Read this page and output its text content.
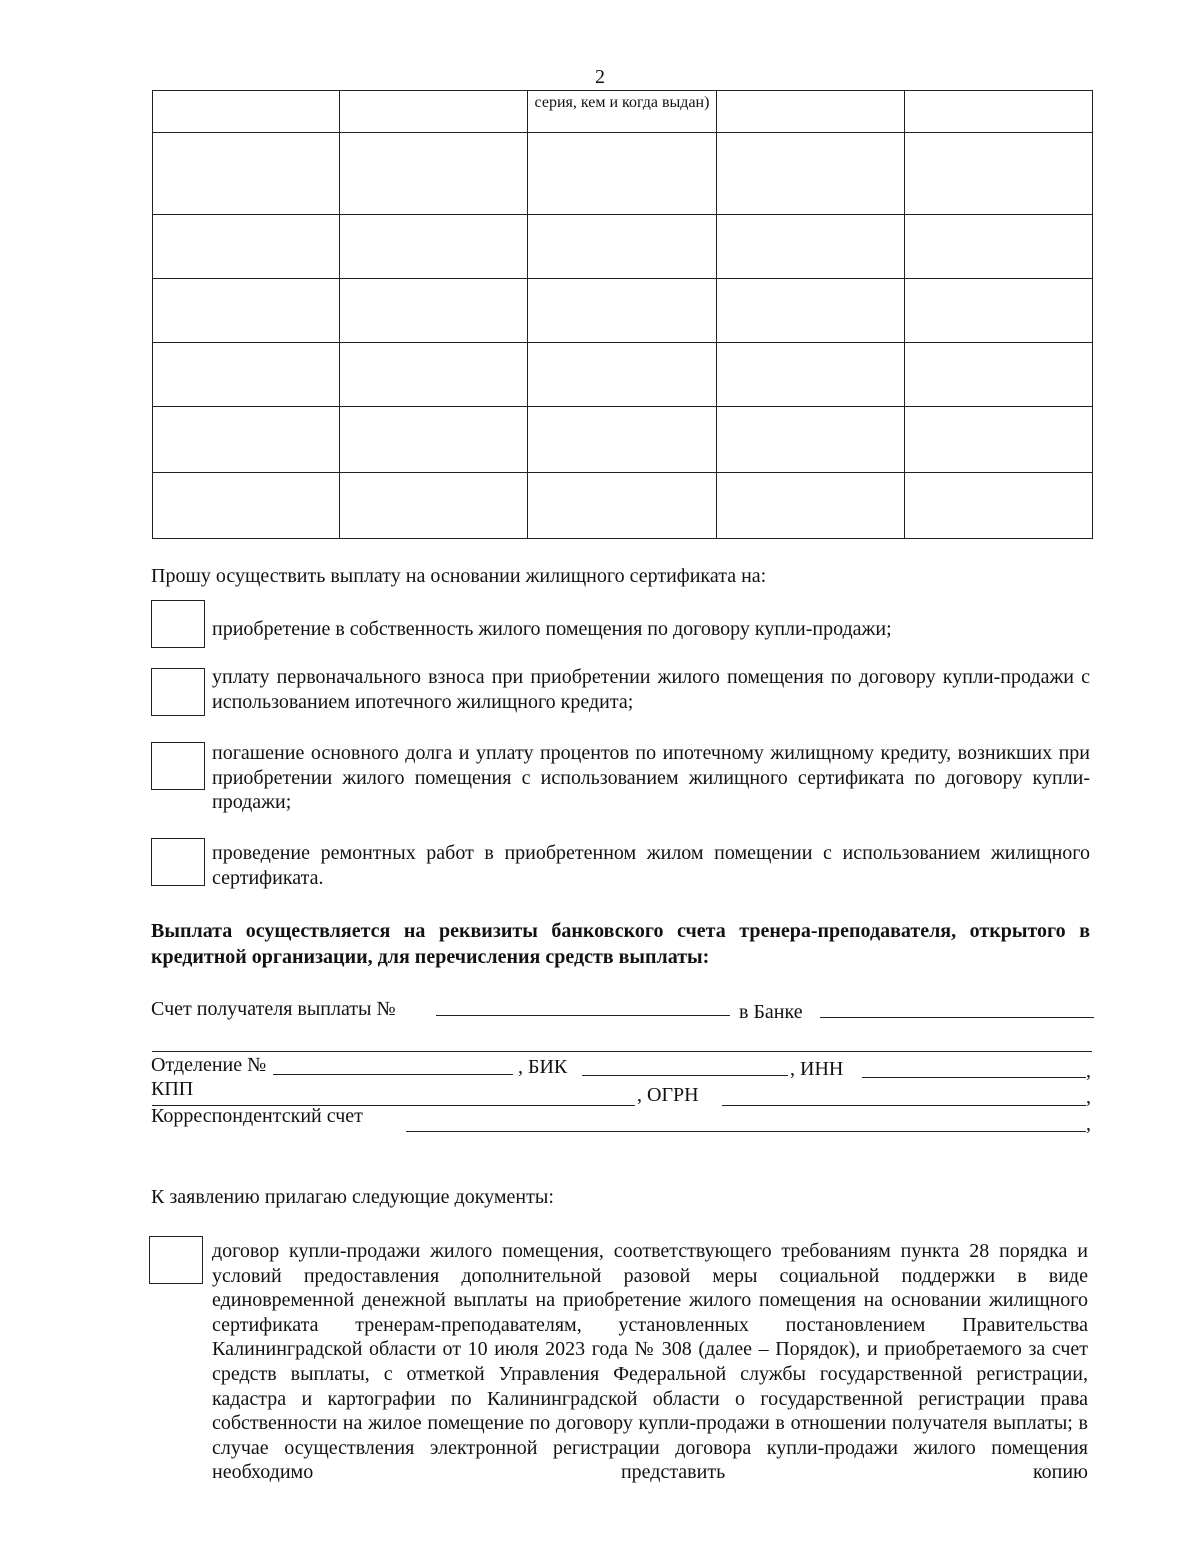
2
		серия, кем и когда выдан)		

Прошу осуществить выплату на основании жилищного сертификата на:
приобретение в собственность жилого помещения по договору купли-продажи;
уплату первоначального взноса при приобретении жилого помещения по договору купли-продажи с использованием ипотечного жилищного кредита;
погашение основного долга и уплату процентов по ипотечному жилищному кредиту, возникших при приобретении жилого помещения с использованием жилищного сертификата по договору купли-продажи;
проведение ремонтных работ в приобретенном жилом помещении с использованием жилищного сертификата.
Выплата осуществляется на реквизиты банковского счета тренера-преподавателя, открытого в кредитной организации, для перечисления средств выплаты:
Счет получателя выплаты №	в Банке
Отделение №	, БИК	, ИНН	,
КПП	, ОГРН	,
Корреспондентский счет	,
К заявлению прилагаю следующие документы:
договор купли-продажи жилого помещения, соответствующего требованиям пункта 28 порядка и условий предоставления дополнительной разовой меры социальной поддержки в виде единовременной денежной выплаты на приобретение жилого помещения на основании жилищного сертификата тренерам-преподавателям, установленных постановлением Правительства Калининградской области от 10 июля 2023 года № 308 (далее – Порядок), и приобретаемого за счет средств выплаты, с отметкой Управления Федеральной службы государственной регистрации, кадастра и картографии по Калининградской области о государственной регистрации права собственности на жилое помещение по договору купли-продажи в отношении получателя выплаты; в случае осуществления электронной регистрации договора купли-продажи жилого помещения необходимо представить копию
